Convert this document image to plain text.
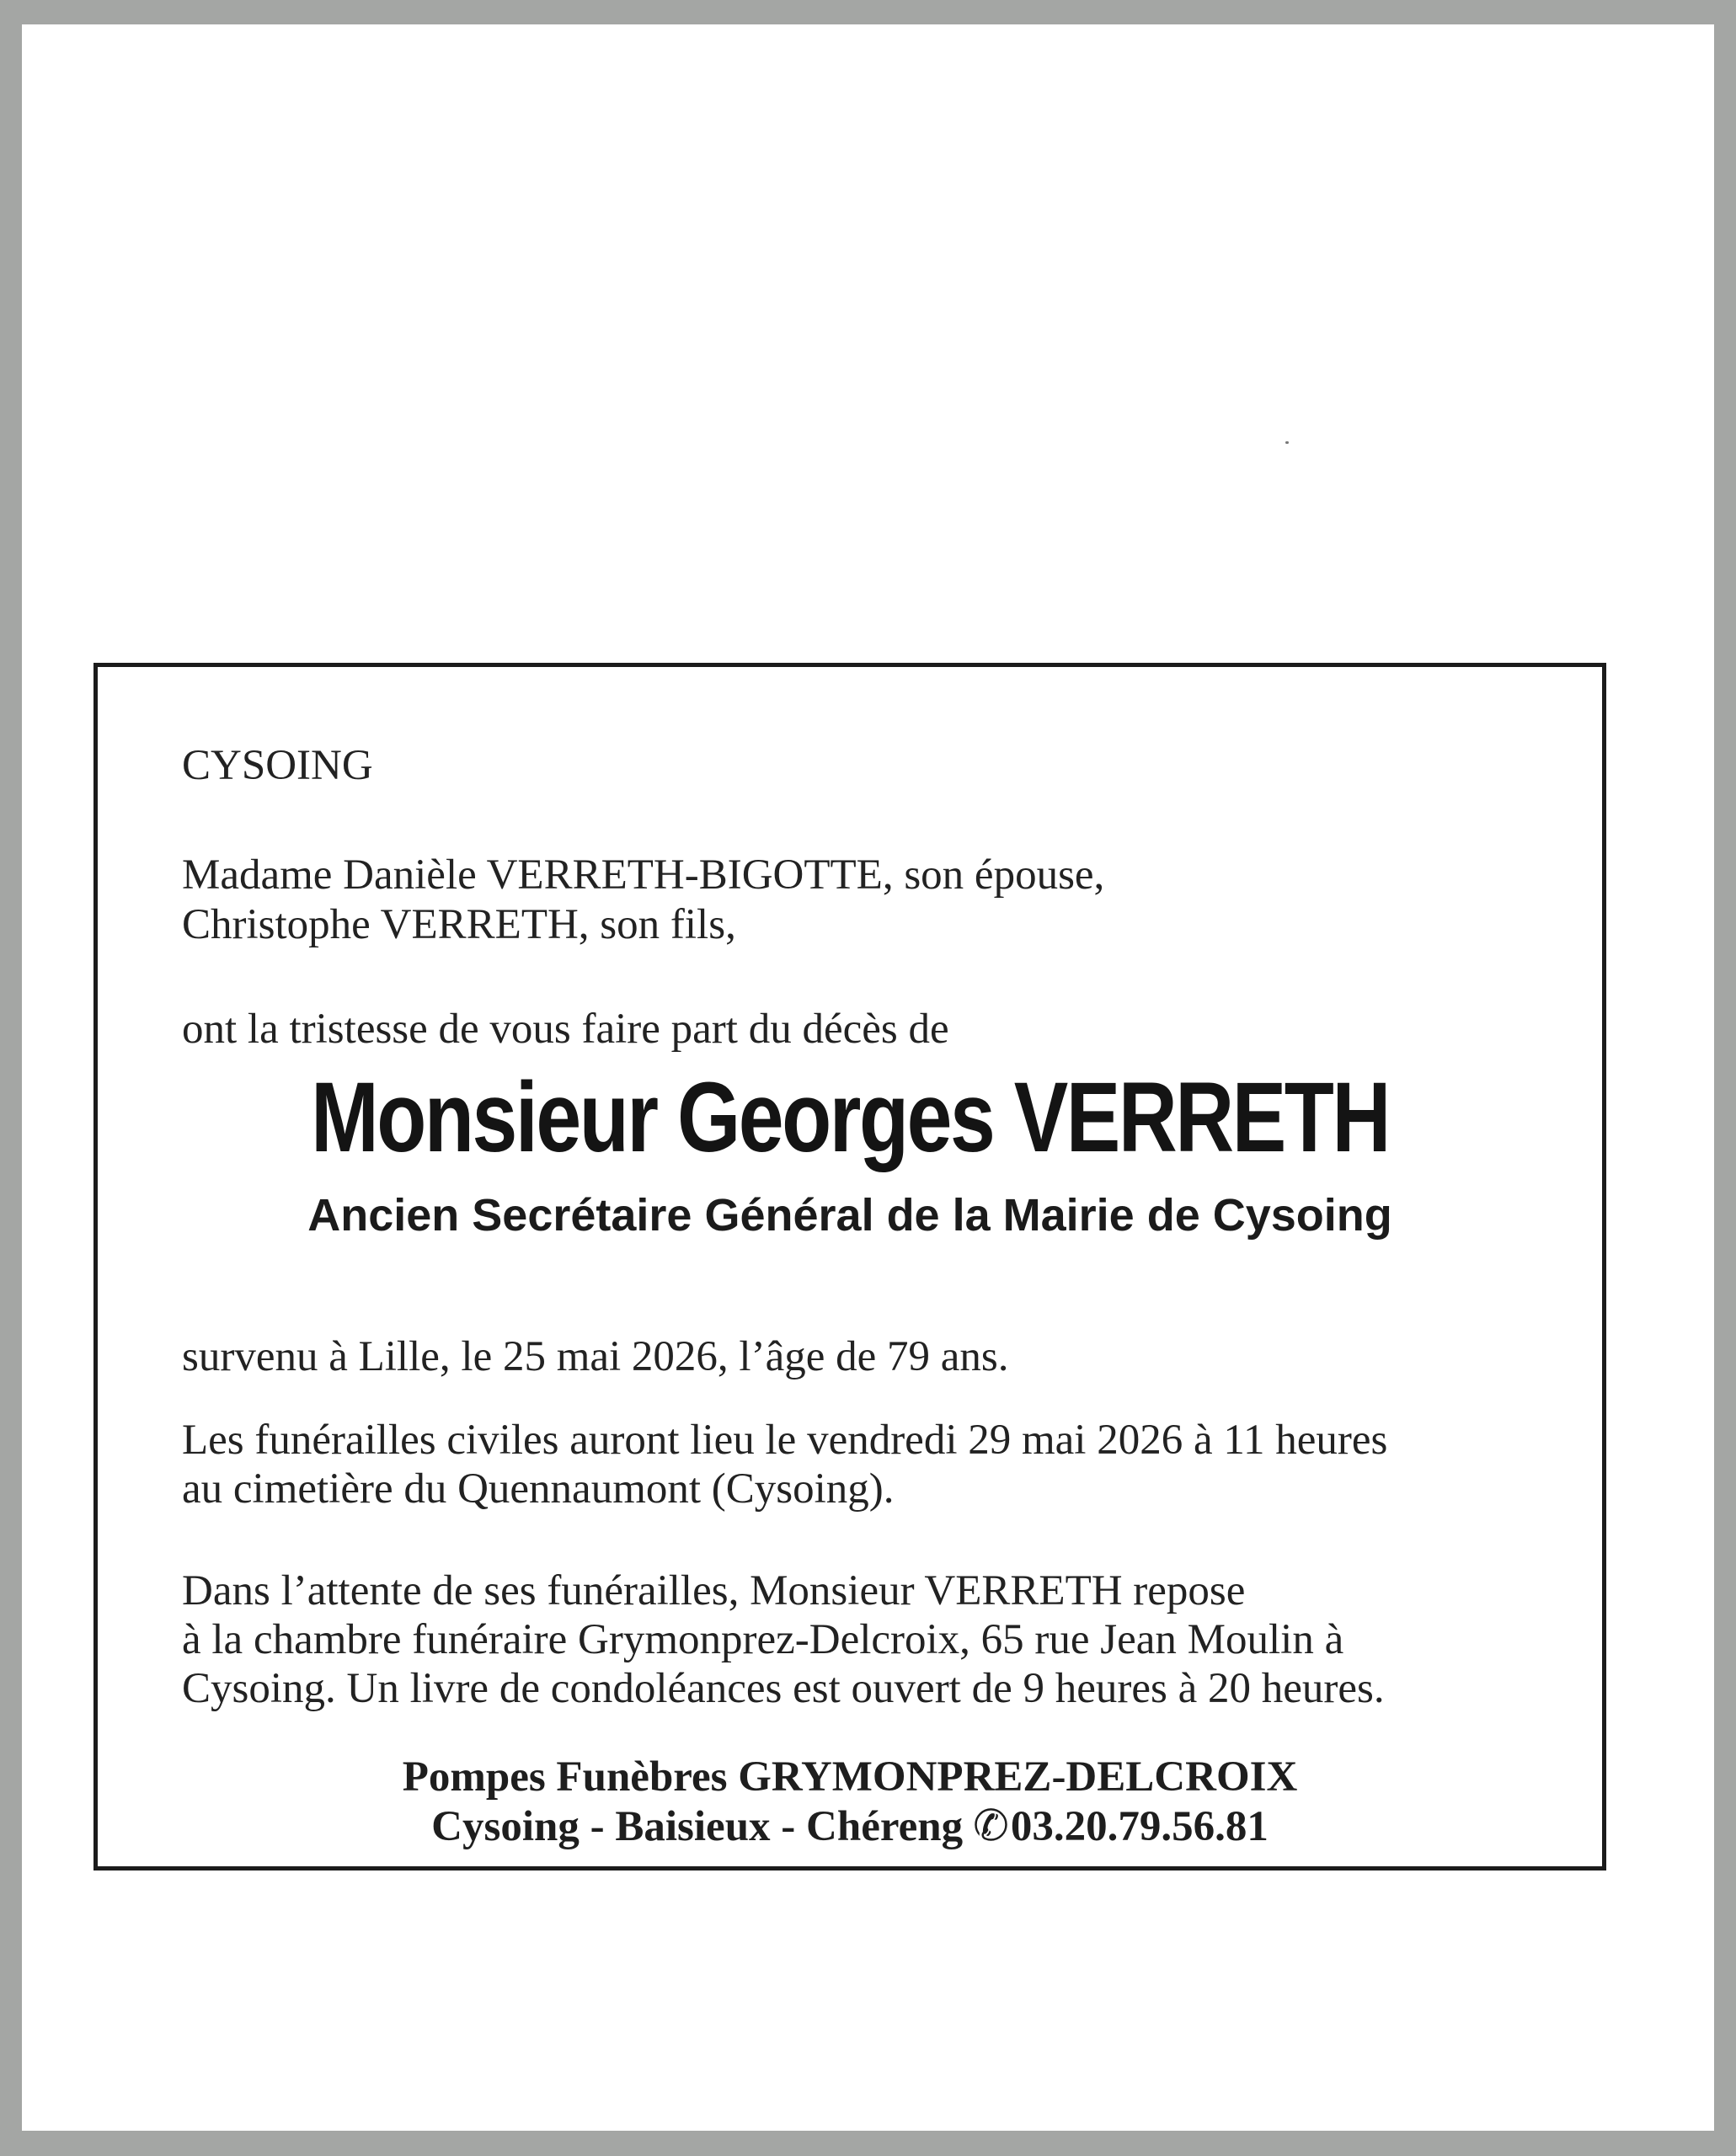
CYSOING
Madame Danièle VERRETH-BIGOTTE, son épouse,
Christophe VERRETH, son fils,
ont la tristesse de vous faire part du décès de
Monsieur Georges VERRETH
Ancien Secrétaire Général de la Mairie de Cysoing
survenu à Lille, le 25 mai 2026, l’âge de 79 ans.
Les funérailles civiles auront lieu le vendredi 29 mai 2026 à 11 heures
au cimetière du Quennaumont (Cysoing).
Dans l’attente de ses funérailles, Monsieur VERRETH repose
à la chambre funéraire Grymonprez-Delcroix, 65 rue Jean Moulin à
Cysoing. Un livre de condoléances est ouvert de 9 heures à 20 heures.
Pompes Funèbres GRYMONPREZ-DELCROIX
Cysoing - Baisieux - Chéreng ✆03.20.79.56.81
